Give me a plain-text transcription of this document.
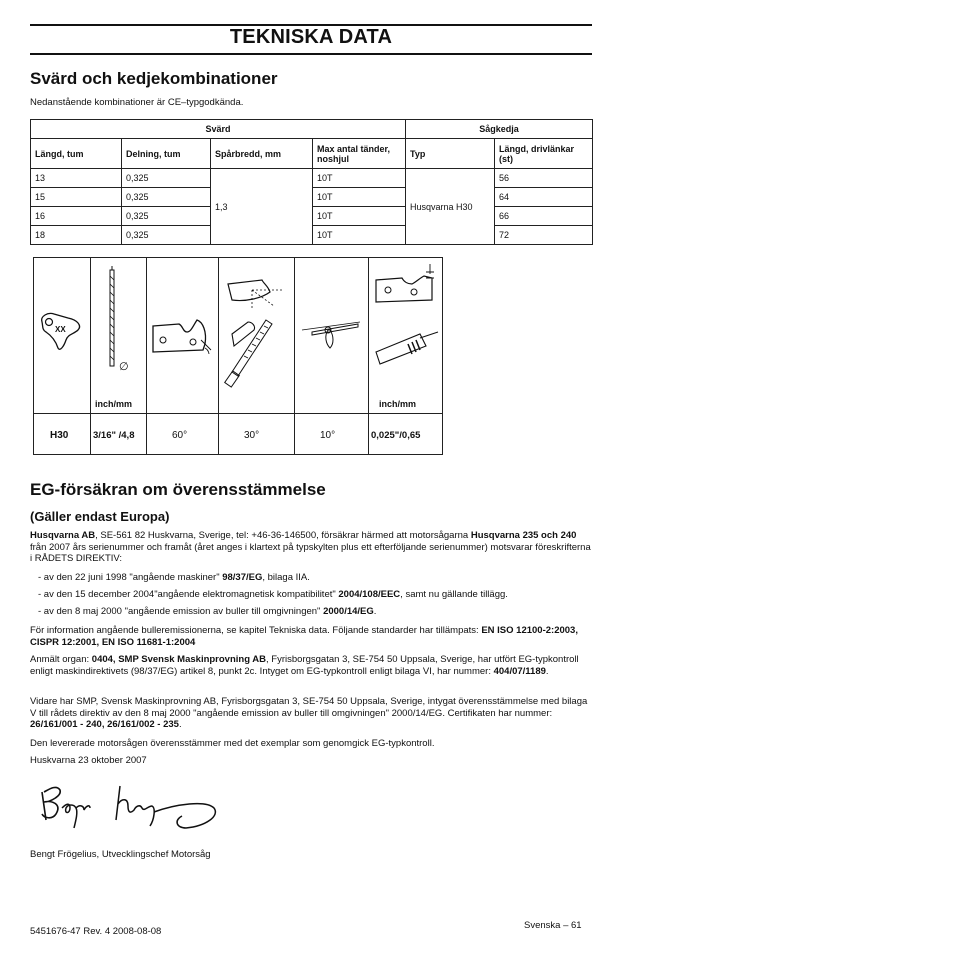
TEKNISKA DATA
Svärd och kedjekombinationer
Nedanstående kombinationer är CE–typgodkända.
Svärd				Sågkedja	
Längd, tum	Delning, tum	Spårbredd, mm	Max antal tänder, noshjul	Typ	Längd, drivlänkar (st)
13	0,325	1,3	10T	Husqvarna H30	56
15	0,325		10T		64
16	0,325		10T		66
18	0,325		10T		72
XX
∅
inch/mm	inch/mm
H30	3/16" /4,8	60°	30°	10°	0,025"/0,65
EG-försäkran om överensstämmelse
(Gäller endast Europa)
Husqvarna AB, SE-561 82 Huskvarna, Sverige, tel: +46-36-146500, försäkrar härmed att motorsågarna Husqvarna 235 och 240 från 2007 års serienummer och framåt (året anges i klartext på typskylten plus ett efterföljande serienummer) motsvarar föreskrifterna i RÅDETS DIREKTIV:
- av den 22 juni 1998 "angående maskiner" 98/37/EG, bilaga IIA.
- av den 15 december 2004"angående elektromagnetisk kompatibilitet" 2004/108/EEC, samt nu gällande tillägg.
- av den 8 maj 2000 "angående emission av buller till omgivningen" 2000/14/EG.
För information angående bulleremissionerna, se kapitel Tekniska data. Följande standarder har tillämpats: EN ISO 12100-2:2003, CISPR 12:2001, EN ISO 11681-1:2004
Anmält organ: 0404, SMP Svensk Maskinprovning AB, Fyrisborgsgatan 3, SE-754 50 Uppsala, Sverige, har utfört EG-typkontroll enligt maskindirektivets (98/37/EG) artikel 8, punkt 2c. Intyget om EG-typkontroll enligt bilaga VI, har nummer: 404/07/1189.
Vidare har SMP, Svensk Maskinprovning AB, Fyrisborgsgatan 3, SE-754 50 Uppsala, Sverige, intygat överensstämmelse med bilaga V till rådets direktiv av den 8 maj 2000 "angående emission av buller till omgivningen" 2000/14/EG. Certifikaten har nummer: 26/161/001 - 240, 26/161/002 - 235.
Den levererade motorsågen överensstämmer med det exemplar som genomgick EG-typkontroll.
Huskvarna 23 oktober 2007
Bengt Frögelius, Utvecklingschef Motorsåg
5451676-47 Rev. 4 2008-08-08
Svenska – 61
